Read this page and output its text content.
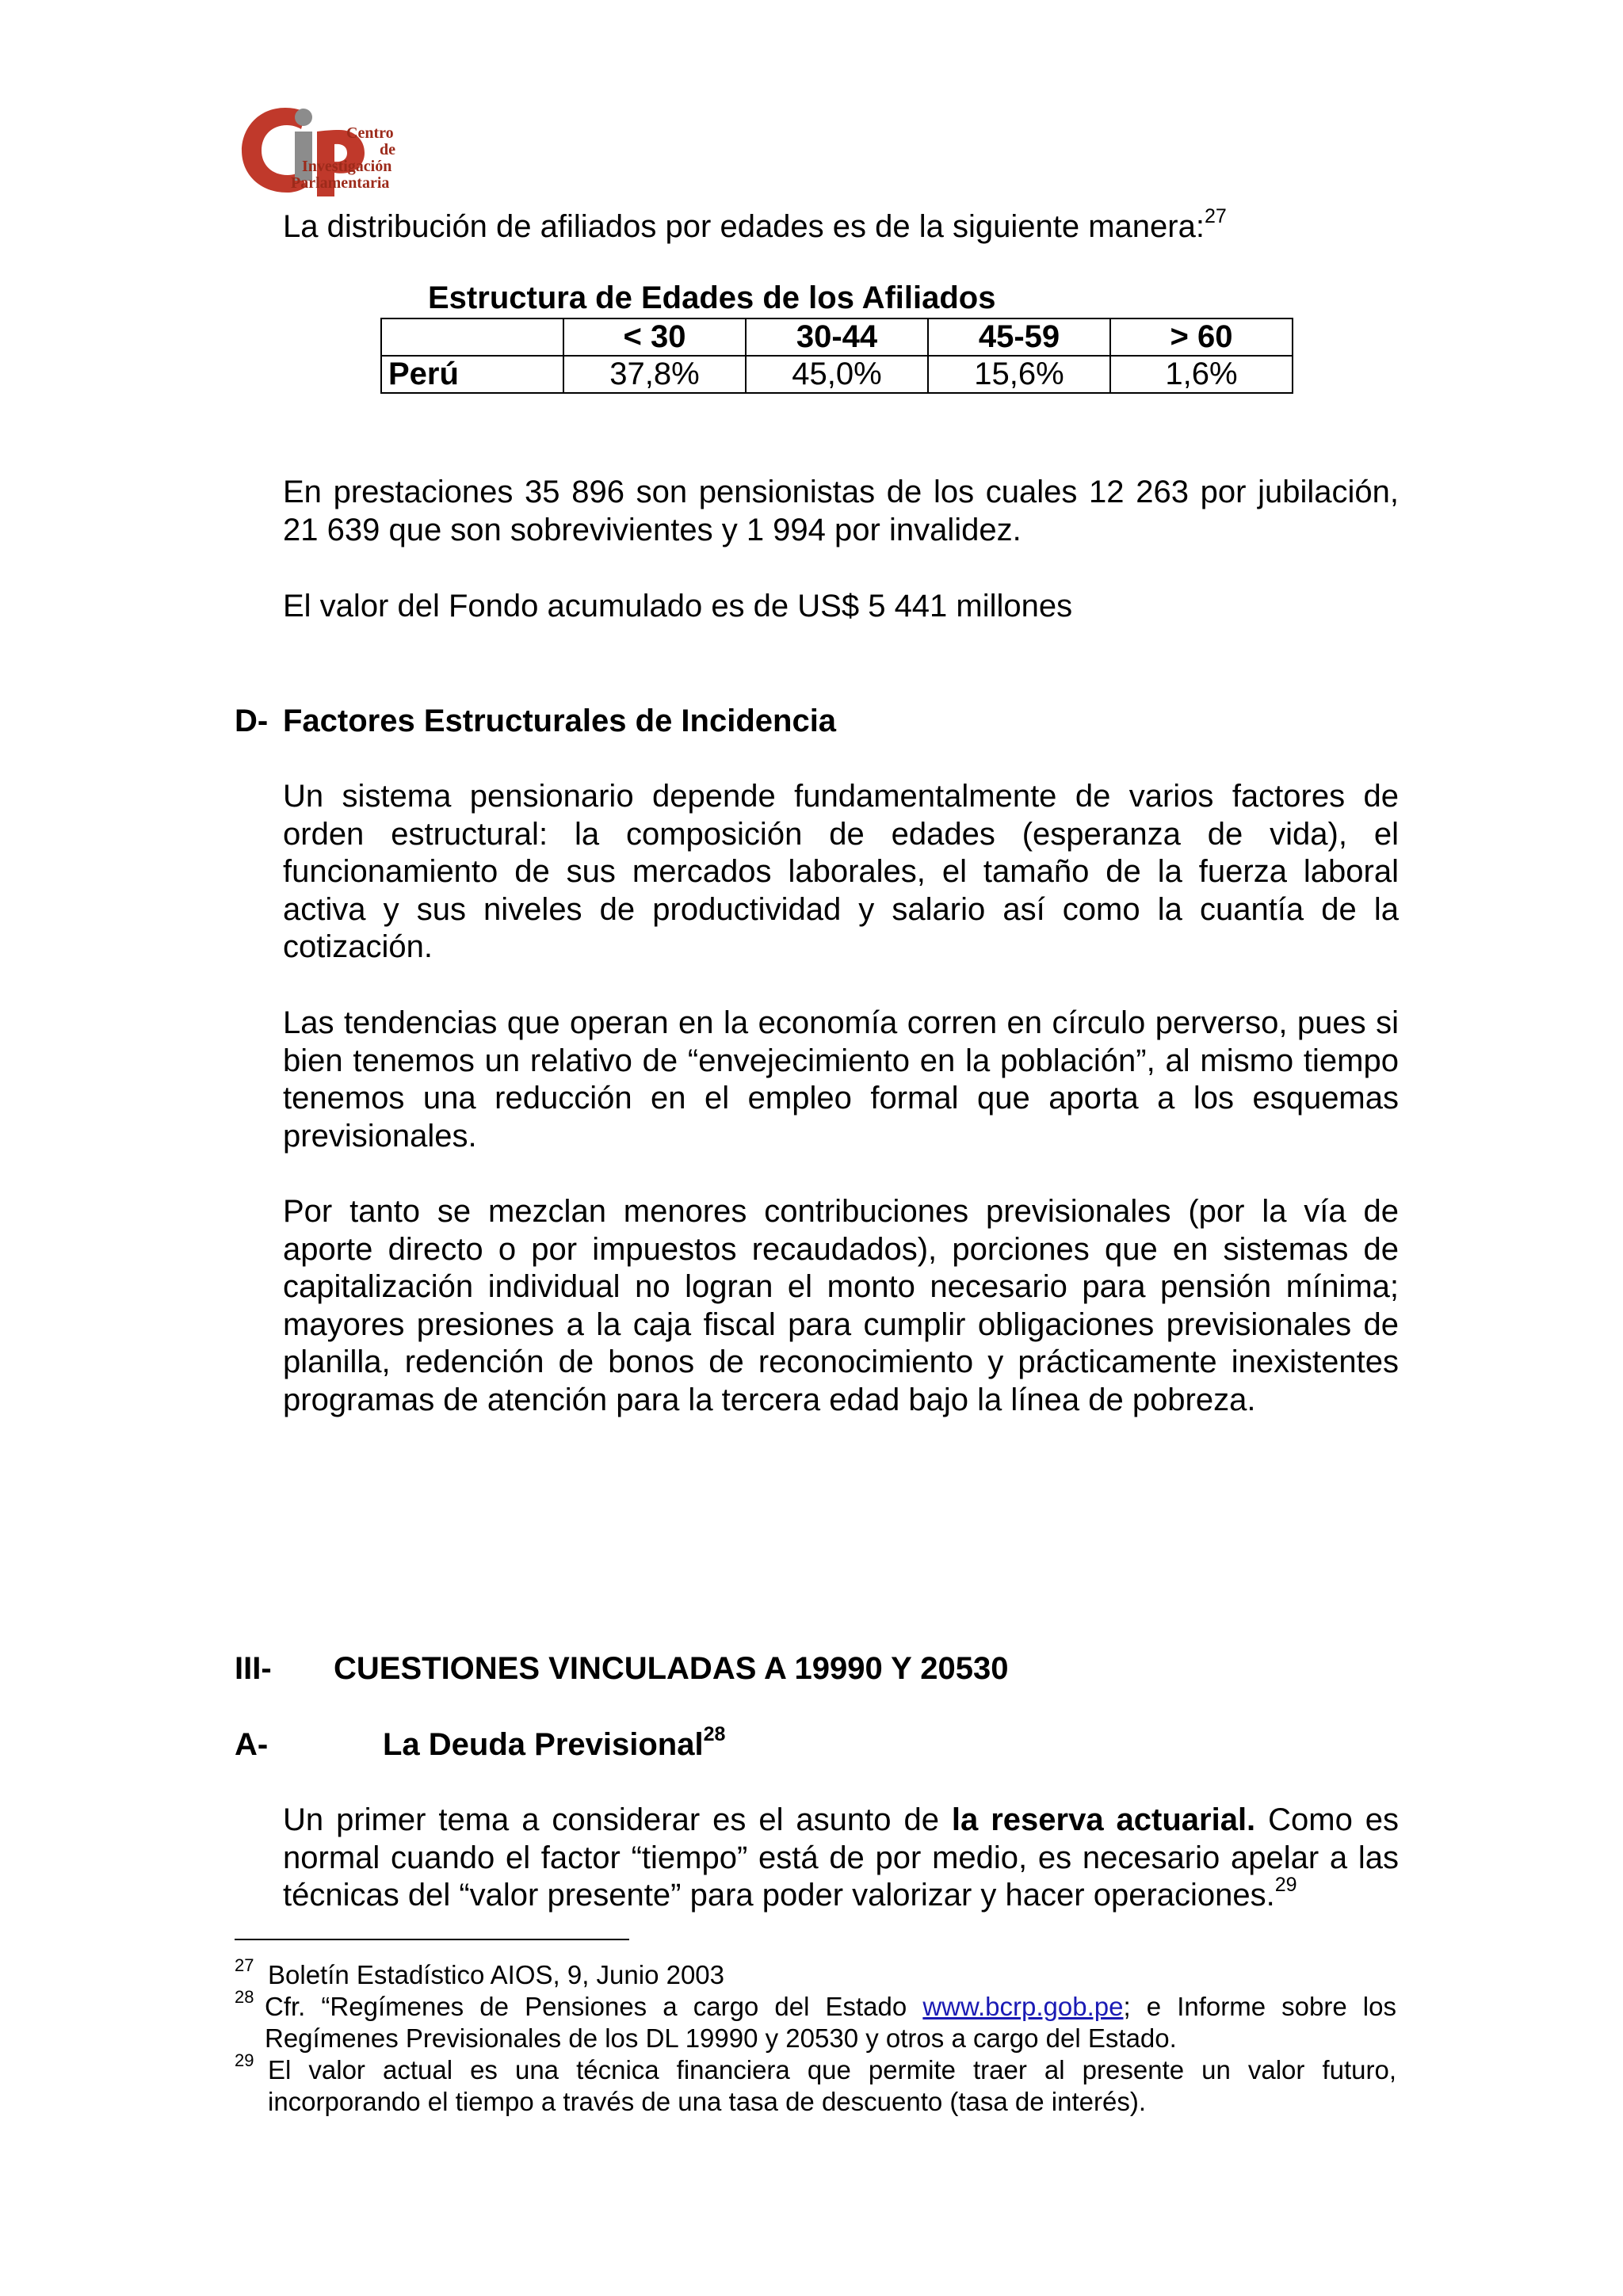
Centro
de
Investigación
Parlamentaria
La distribución de afiliados por edades es de la siguiente manera:$^{27}$
Estructura de Edades de los Afiliados
	< 30	30-44	45-59	> 60
Perú	37,8%	45,0%	15,6%	1,6%
En prestaciones 35 896 son pensionistas de los cuales 12 263 por jubilación, 21 639 que son sobrevivientes y 1 994 por invalidez.
El valor del Fondo acumulado es de US$ 5 441 millones
D- Factores Estructurales de Incidencia
Un sistema pensionario depende fundamentalmente de varios factores de orden estructural: la composición de edades (esperanza de vida), el funcionamiento de sus mercados laborales, el tamaño de la fuerza laboral activa y sus niveles de productividad y salario así como la cuantía de la cotización.
Las tendencias que operan en la economía corren en círculo perverso, pues si bien tenemos un relativo de “envejecimiento en la población”, al mismo tiempo tenemos una reducción en el empleo formal que aporta a los esquemas previsionales.
Por tanto se mezclan menores contribuciones previsionales (por la vía de aporte directo o por impuestos recaudados), porciones que en sistemas de capitalización individual no logran el monto necesario para pensión mínima; mayores presiones a la caja fiscal para cumplir obligaciones previsionales de planilla, redención de bonos de reconocimiento y prácticamente inexistentes programas de atención para la tercera edad bajo la línea de pobreza.
III- CUESTIONES VINCULADAS A 19990 Y 20530
A-	La Deuda Previsional$^{28}$
Un primer tema a considerar es el asunto de la reserva actuarial. Como es normal cuando el factor “tiempo” está de por medio, es necesario apelar a las técnicas del “valor presente” para poder valorizar y hacer operaciones.$^{29}$
27 Boletín Estadístico AIOS, 9, Junio 2003
28 Cfr. “Regímenes de Pensiones a cargo del Estado www.bcrp.gob.pe; e Informe sobre los Regímenes Previsionales de los DL 19990 y 20530 y otros a cargo del Estado.
29 El valor actual es una técnica financiera que permite traer al presente un valor futuro, incorporando el tiempo a través de una tasa de descuento (tasa de interés).
